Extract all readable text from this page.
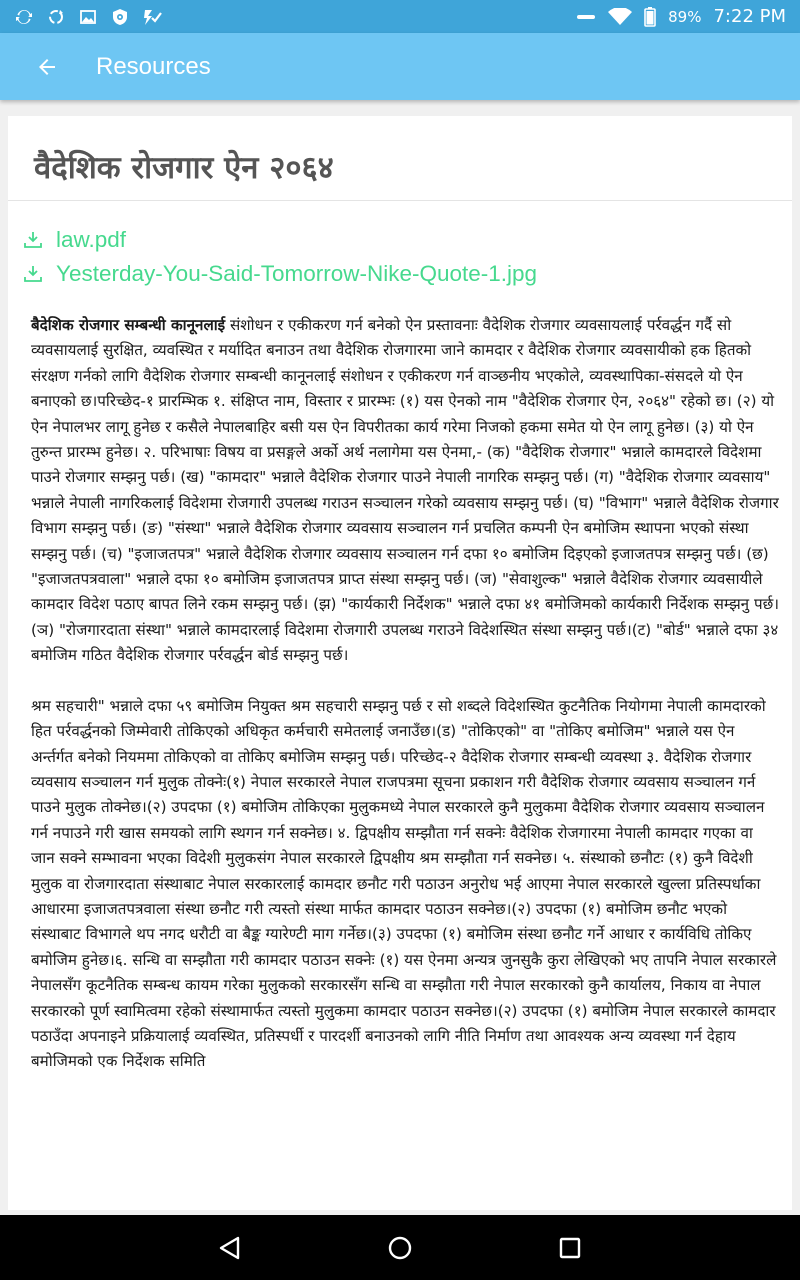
89% 7:22 PM
Resources
वैदेशिक रोजगार ऐन २०६४
law.pdf
Yesterday-You-Said-Tomorrow-Nike-Quote-1.jpg

बैदेशिक रोजगार सम्बन्धी कानूनलाई संशोधन र एकीकरण गर्न बनेको ऐन प्रस्तावनाः वैदेशिक रोजगार व्यवसायलाई पर्रवर्द्धन गर्दै सो व्यवसायलाई सुरक्षित, व्यवस्थित र मर्यादित बनाउन तथा वैदेशिक रोजगारमा जाने कामदार र वैदेशिक रोजगार व्यवसायीको हक हितको संरक्षण गर्नको लागि वैदेशिक रोजगार सम्बन्धी कानूनलाई संशोधन र एकीकरण गर्न वाञ्छनीय भएकोले, व्यवस्थापिका-संसदले यो ऐन बनाएको छ।परिच्छेद-१ प्रारम्भिक १. संक्षिप्त नाम, विस्तार र प्रारम्भः (१) यस ऐनको नाम "वैदेशिक रोजगार ऐन, २०६४" रहेको छ। (२) यो ऐन नेपालभर लागू हुनेछ र कसैले नेपालबाहिर बसी यस ऐन विपरीतका कार्य गरेमा निजको हकमा समेत यो ऐन लागू हुनेछ। (३) यो ऐन तुरुन्त प्रारम्भ हुनेछ। २. परिभाषाः विषय वा प्रसङ्गले अर्को अर्थ नलागेमा यस ऐनमा,- (क) "वैदेशिक रोजगार" भन्नाले कामदारले विदेशमा पाउने रोजगार सम्झनु पर्छ। (ख) "कामदार" भन्नाले वैदेशिक रोजगार पाउने नेपाली नागरिक सम्झनु पर्छ। (ग) "वैदेशिक रोजगार व्यवसाय" भन्नाले नेपाली नागरिकलाई विदेशमा रोजगारी उपलब्ध गराउन सञ्चालन गरेको व्यवसाय सम्झनु पर्छ। (घ) "विभाग" भन्नाले वैदेशिक रोजगार विभाग सम्झनु पर्छ। (ङ) "संस्था" भन्नाले वैदेशिक रोजगार व्यवसाय सञ्चालन गर्न प्रचलित कम्पनी ऐन बमोजिम स्थापना भएको संस्था सम्झनु पर्छ। (च) "इजाजतपत्र" भन्नाले वैदेशिक रोजगार व्यवसाय सञ्चालन गर्न दफा १० बमोजिम दिइएको इजाजतपत्र सम्झनु पर्छ। (छ) "इजाजतपत्रवाला" भन्नाले दफा १० बमोजिम इजाजतपत्र प्राप्त संस्था सम्झनु पर्छ। (ज) "सेवाशुल्क" भन्नाले वैदेशिक रोजगार व्यवसायीले कामदार विदेश पठाए बापत लिने रकम सम्झनु पर्छ। (झ) "कार्यकारी निर्देशक" भन्नाले दफा ४१ बमोजिमको कार्यकारी निर्देशक सम्झनु पर्छ।(ञ) "रोजगारदाता संस्था" भन्नाले कामदारलाई विदेशमा रोजगारी उपलब्ध गराउने विदेशस्थित संस्था सम्झनु पर्छ।(ट) "बोर्ड" भन्नाले दफा ३४ बमोजिम गठित वैदेशिक रोजगार पर्रवर्द्धन बोर्ड सम्झनु पर्छ।

श्रम सहचारी" भन्नाले दफा ५९ बमोजिम नियुक्त श्रम सहचारी सम्झनु पर्छ र सो शब्दले विदेशस्थित कुटनैतिक नियोगमा नेपाली कामदारको हित पर्रवर्द्धनको जिम्मेवारी तोकिएको अधिकृत कर्मचारी समेतलाई जनाउँछ।(ड) "तोकिएको" वा "तोकिए बमोजिम" भन्नाले यस ऐन अर्न्तर्गत बनेको नियममा तोकिएको वा तोकिए बमोजिम सम्झनु पर्छ। परिच्छेद-२ वैदेशिक रोजगार सम्बन्धी व्यवस्था ३. वैदेशिक रोजगार व्यवसाय सञ्चालन गर्न मुलुक तोक्नेः(१) नेपाल सरकारले नेपाल राजपत्रमा सूचना प्रकाशन गरी वैदेशिक रोजगार व्यवसाय सञ्चालन गर्न पाउने मुलुक तोक्नेछ।(२) उपदफा (१) बमोजिम तोकिएका मुलुकमध्ये नेपाल सरकारले कुनै मुलुकमा वैदेशिक रोजगार व्यवसाय सञ्चालन गर्न नपाउने गरी खास समयको लागि स्थगन गर्न सक्नेछ। ४. द्विपक्षीय सम्झौता गर्न सक्नेः वैदेशिक रोजगारमा नेपाली कामदार गएका वा जान सक्ने सम्भावना भएका विदेशी मुलुकसंग नेपाल सरकारले द्विपक्षीय श्रम सम्झौता गर्न सक्नेछ। ५. संस्थाको छनौटः (१) कुनै विदेशी मुलुक वा रोजगारदाता संस्थाबाट नेपाल सरकारलाई कामदार छनौट गरी पठाउन अनुरोध भई आएमा नेपाल सरकारले खुल्ला प्रतिस्पर्धाका आधारमा इजाजतपत्रवाला संस्था छनौट गरी त्यस्तो संस्था मार्फत कामदार पठाउन सक्नेछ।(२) उपदफा (१) बमोजिम छनौट भएको संस्थाबाट विभागले थप नगद धरौटी वा बैङ्क ग्यारेण्टी माग गर्नेछ।(३) उपदफा (१) बमोजिम संस्था छनौट गर्ने आधार र कार्यविधि तोकिए बमोजिम हुनेछ।६. सन्धि वा सम्झौता गरी कामदार पठाउन सक्नेः (१) यस ऐनमा अन्यत्र जुनसुकै कुरा लेखिएको भए तापनि नेपाल सरकारले नेपालसँग कूटनैतिक सम्बन्ध कायम गरेका मुलुकको सरकारसँग सन्धि वा सम्झौता गरी नेपाल सरकारको कुनै कार्यालय, निकाय वा नेपाल सरकारको पूर्ण स्वामित्वमा रहेको संस्थामार्फत त्यस्तो मुलुकमा कामदार पठाउन सक्नेछ।(२) उपदफा (१) बमोजिम नेपाल सरकारले कामदार पठाउँदा अपनाइने प्रक्रियालाई व्यवस्थित, प्रतिस्पर्धी र पारदर्शी बनाउनको लागि नीति निर्माण तथा आवश्यक अन्य व्यवस्था गर्न देहाय बमोजिमको एक निर्देशक समिति
